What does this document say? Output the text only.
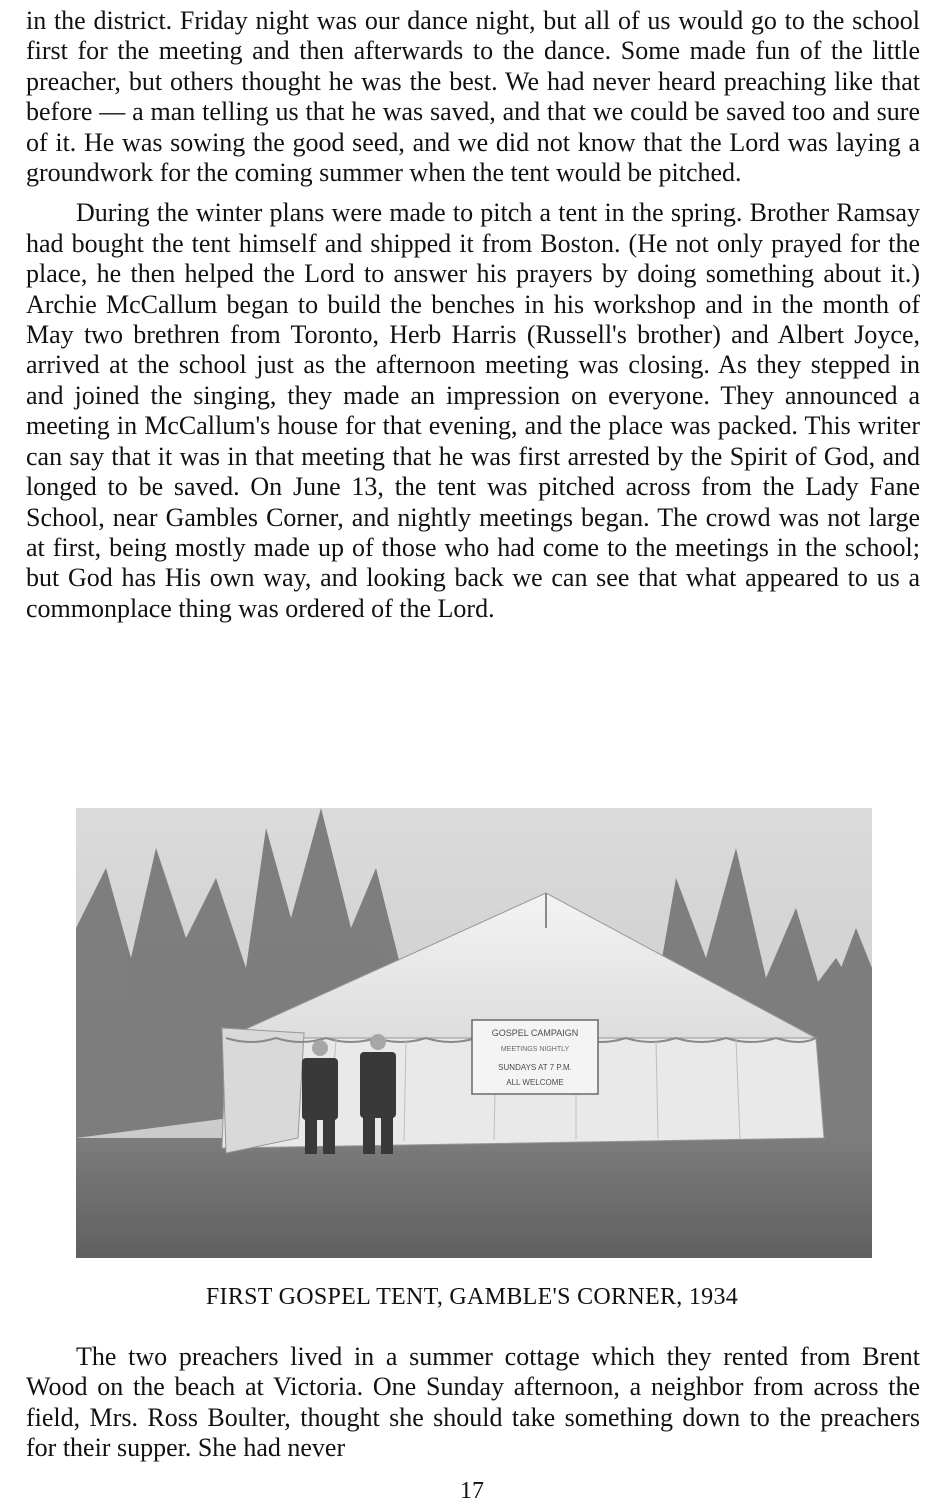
in the district. Friday night was our dance night, but all of us would go to the school first for the meeting and then afterwards to the dance. Some made fun of the little preacher, but others thought he was the best. We had never heard preaching like that before — a man telling us that he was saved, and that we could be saved too and sure of it. He was sowing the good seed, and we did not know that the Lord was laying a groundwork for the coming summer when the tent would be pitched.

During the winter plans were made to pitch a tent in the spring. Brother Ramsay had bought the tent himself and shipped it from Boston. (He not only prayed for the place, he then helped the Lord to answer his prayers by doing something about it.) Archie McCallum began to build the benches in his workshop and in the month of May two brethren from Toronto, Herb Harris (Russell's brother) and Albert Joyce, arrived at the school just as the afternoon meeting was closing. As they stepped in and joined the singing, they made an impression on everyone. They announced a meeting in McCallum's house for that evening, and the place was packed. This writer can say that it was in that meeting that he was first arrested by the Spirit of God, and longed to be saved. On June 13, the tent was pitched across from the Lady Fane School, near Gambles Corner, and nightly meetings began. The crowd was not large at first, being mostly made up of those who had come to the meetings in the school; but God has His own way, and looking back we can see that what appeared to us a commonplace thing was ordered of the Lord.

GOSPEL CAMPAIGN
MEETINGS NIGHTLY
SUNDAYS AT 7 P.M.
ALL WELCOME
FIRST GOSPEL TENT, GAMBLE'S CORNER, 1934

The two preachers lived in a summer cottage which they rented from Brent Wood on the beach at Victoria. One Sunday afternoon, a neighbor from across the field, Mrs. Ross Boulter, thought she should take something down to the preachers for their supper. She had never

17
